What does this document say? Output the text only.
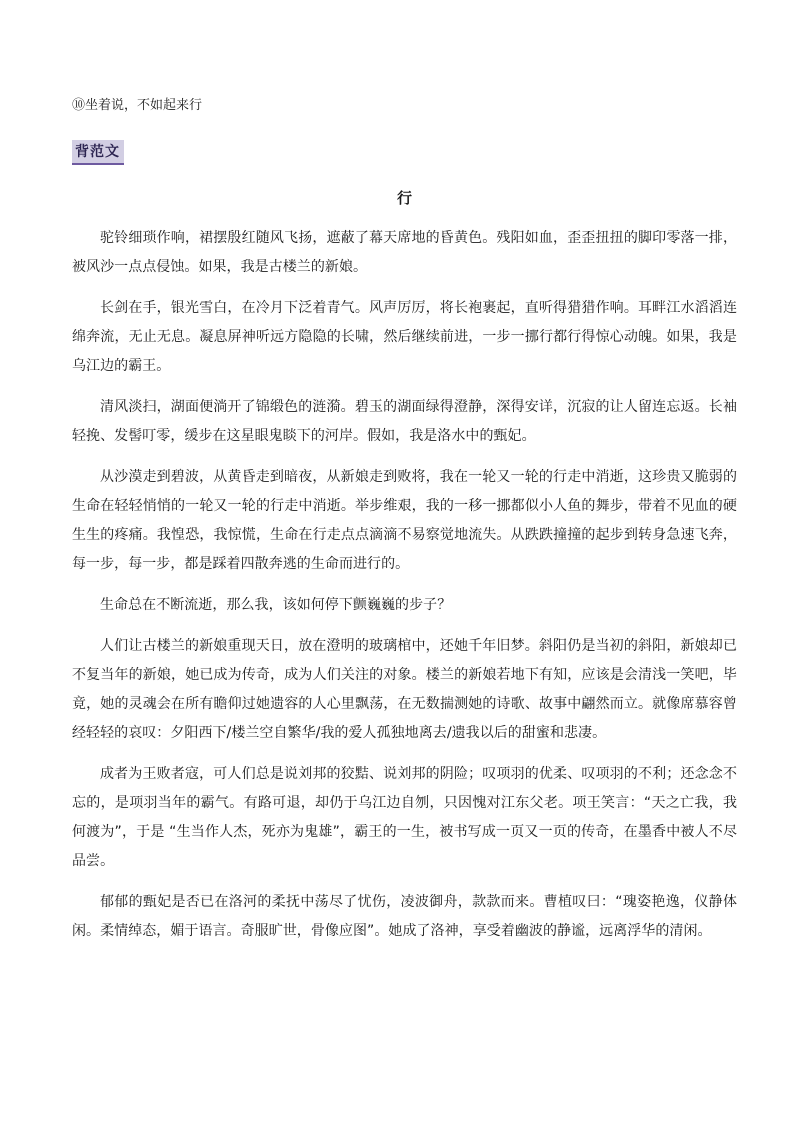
⑩坐着说，不如起来行
背范文
行

驼铃细琐作响，裙摆殷红随风飞扬，遮蔽了幕天席地的昏黄色。残阳如血，歪歪扭扭的脚印零落一排，被风沙一点点侵蚀。如果，我是古楼兰的新娘。

长剑在手，银光雪白，在冷月下泛着青气。风声厉厉，将长袍裹起，直听得猎猎作响。耳畔江水滔滔连绵奔流，无止无息。凝息屏神听远方隐隐的长啸，然后继续前进，一步一挪行都行得惊心动魄。如果，我是乌江边的霸王。

清风淡扫，湖面便淌开了锦缎色的涟漪。碧玉的湖面绿得澄静，深得安详，沉寂的让人留连忘返。长袖轻挽、发髻叮零，缓步在这星眼鬼睒下的河岸。假如，我是洛水中的甄妃。

从沙漠走到碧波，从黄昏走到暗夜，从新娘走到败将，我在一轮又一轮的行走中消逝，这珍贵又脆弱的生命在轻轻悄悄的一轮又一轮的行走中消逝。举步维艰，我的一移一挪都似小人鱼的舞步，带着不见血的硬生生的疼痛。我惶恐，我惊慌，生命在行走点点滴滴不易察觉地流失。从跌跌撞撞的起步到转身急速飞奔，每一步，每一步，都是踩着四散奔逃的生命而进行的。

生命总在不断流逝，那么我，该如何停下颤巍巍的步子？

人们让古楼兰的新娘重现天日，放在澄明的玻璃棺中，还她千年旧梦。斜阳仍是当初的斜阳，新娘却已不复当年的新娘，她已成为传奇，成为人们关注的对象。楼兰的新娘若地下有知，应该是会清浅一笑吧，毕竟，她的灵魂会在所有瞻仰过她遗容的人心里飘荡，在无数揣测她的诗歌、故事中翩然而立。就像席慕容曾经轻轻的哀叹：夕阳西下/楼兰空自繁华/我的爱人孤独地离去/遗我以后的甜蜜和悲凄。

成者为王败者寇，可人们总是说刘邦的狡黠、说刘邦的阴险；叹项羽的优柔、叹项羽的不利；还念念不忘的，是项羽当年的霸气。有路可退，却仍于乌江边自刎，只因愧对江东父老。项王笑言：“天之亡我，我何渡为”，于是 “生当作人杰，死亦为鬼雄”，霸王的一生，被书写成一页又一页的传奇，在墨香中被人不尽品尝。

郁郁的甄妃是否已在洛河的柔抚中荡尽了忧伤，凌波御舟，款款而来。曹植叹曰：“瑰姿艳逸，仪静体闲。柔情绰态，媚于语言。奇服旷世，骨像应图”。她成了洛神，享受着幽波的静谧，远离浮华的清闲。
